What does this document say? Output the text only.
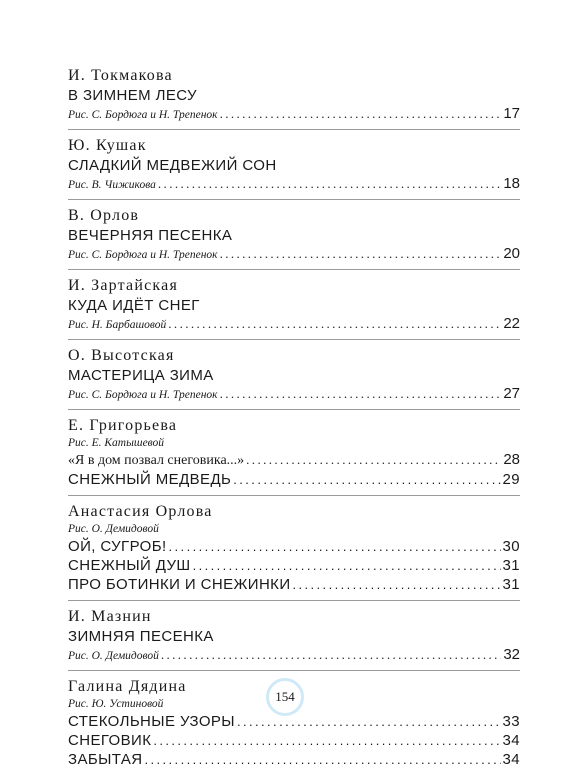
И. Токмакова
В ЗИМНЕМ ЛЕСУ
Рис. С. Бордюга и Н. Трепенок .....	17
Ю. Кушак
СЛАДКИЙ МЕДВЕЖИЙ СОН
Рис. В. Чижикова .....	18
В. Орлов
ВЕЧЕРНЯЯ ПЕСЕНКА
Рис. С. Бордюга и Н. Трепенок .....	20
И. Зартайская
КУДА ИДЁТ СНЕГ
Рис. Н. Барбашовой .....	22
О. Высотская
МАСТЕРИЦА ЗИМА
Рис. С. Бордюга и Н. Трепенок .....	27
Е. Григорьева
Рис. Е. Катышевой
«Я в дом позвал снеговика...» .....	28
СНЕЖНЫЙ МЕДВЕДЬ .....	29
Анастасия Орлова
Рис. О. Демидовой
ОЙ, СУГРОБ! .....	30
СНЕЖНЫЙ ДУШ .....	31
ПРО БОТИНКИ И СНЕЖИНКИ .....	31
И. Мазнин
ЗИМНЯЯ ПЕСЕНКА
Рис. О. Демидовой .....	32
Галина Дядина
Рис. Ю. Устиновой
СТЕКОЛЬНЫЕ УЗОРЫ .....	33
СНЕГОВИК .....	34
ЗАБЫТАЯ .....	34
154
